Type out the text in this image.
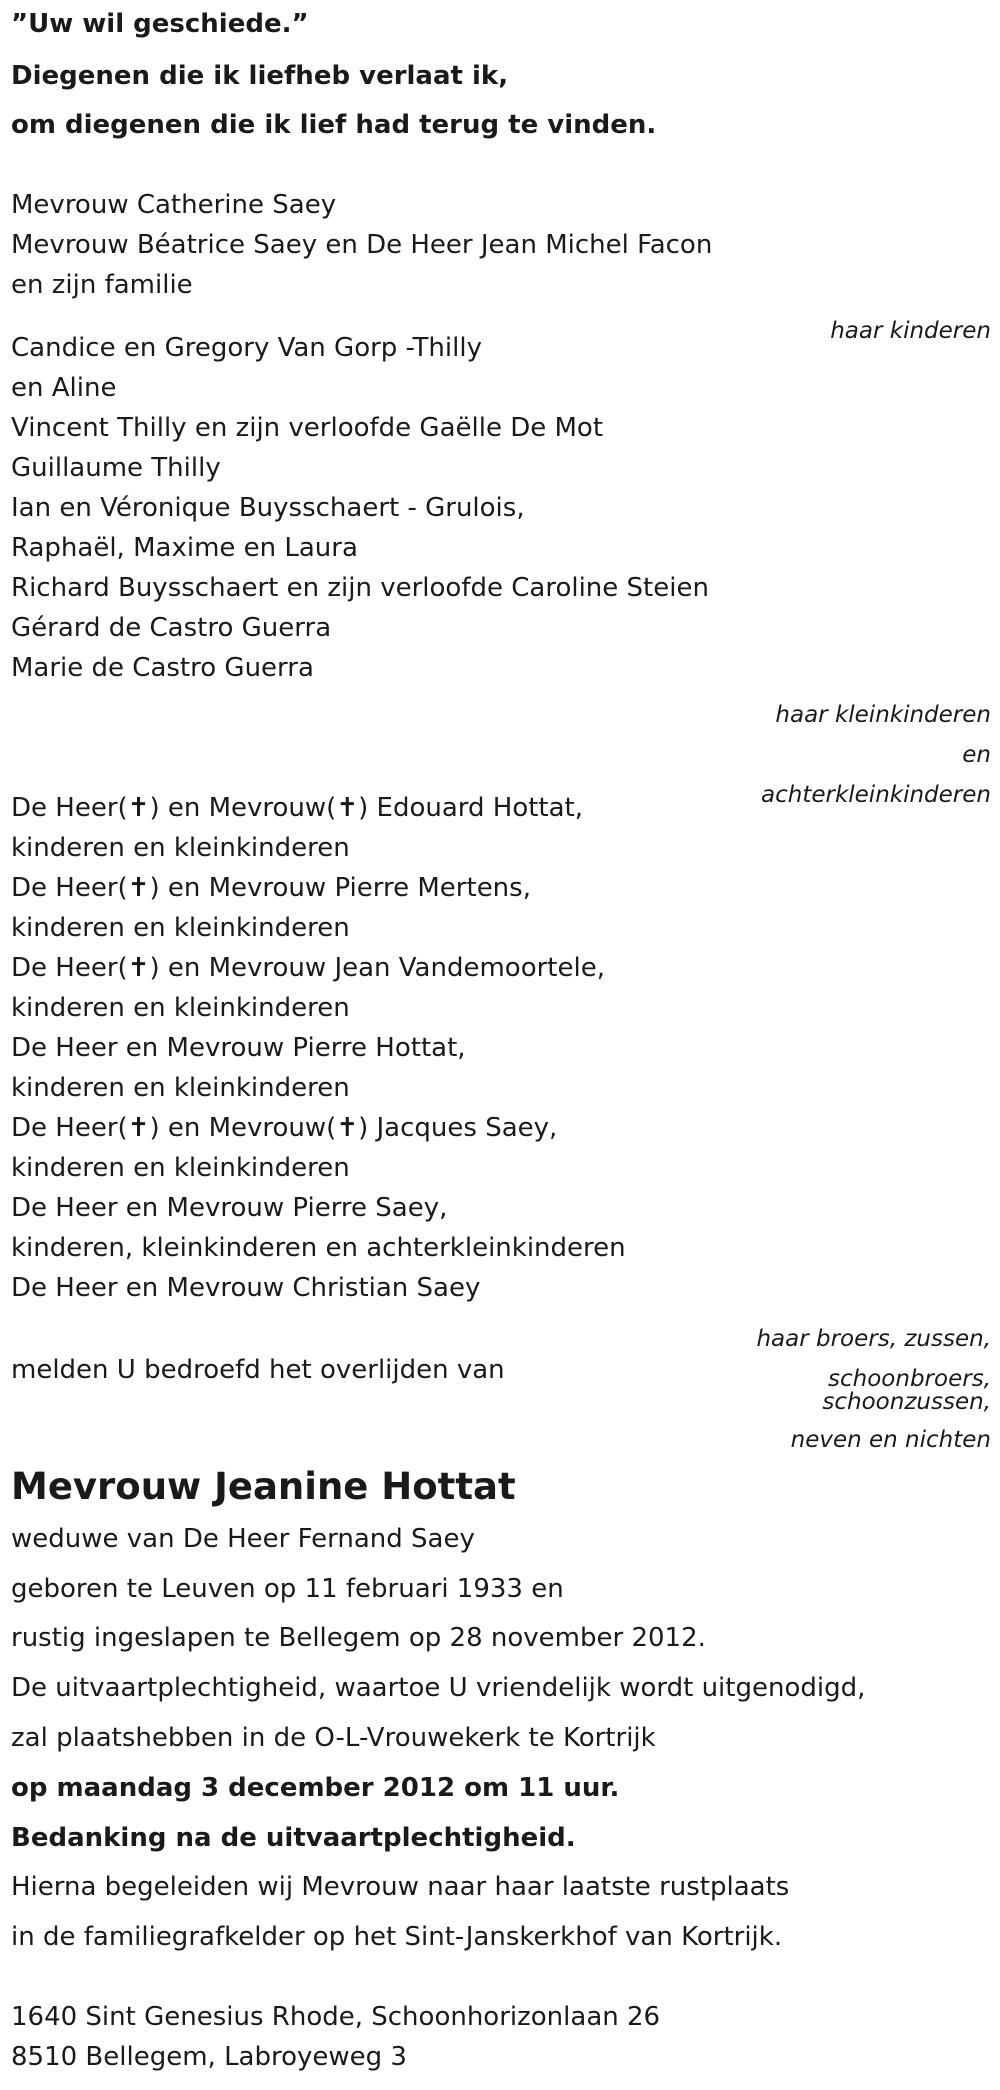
”Uw wil geschiede.”

Diegenen die ik liefheb verlaat ik,

om diegenen die ik lief had terug te vinden.

Mevrouw Catherine Saey

Mevrouw Béatrice Saey en De Heer Jean Michel Facon

en zijn familie

haar kinderen

Candice en Gregory Van Gorp -Thilly

en Aline

Vincent Thilly en zijn verloofde Gaëlle De Mot

Guillaume Thilly

Ian en Véronique Buysschaert - Grulois,

Raphaël, Maxime en Laura

Richard Buysschaert en zijn verloofde Caroline Steien

Gérard de Castro Guerra

Marie de Castro Guerra

haar kleinkinderen

en

achterkleinkinderen

De Heer(✝) en Mevrouw(✝) Edouard Hottat,

kinderen en kleinkinderen

De Heer(✝) en Mevrouw Pierre Mertens,

kinderen en kleinkinderen

De Heer(✝) en Mevrouw Jean Vandemoortele,

kinderen en kleinkinderen

De Heer en Mevrouw Pierre Hottat,

kinderen en kleinkinderen

De Heer(✝) en Mevrouw(✝) Jacques Saey,

kinderen en kleinkinderen

De Heer en Mevrouw Pierre Saey,

kinderen, kleinkinderen en achterkleinkinderen

De Heer en Mevrouw Christian Saey

haar broers, zussen,

schoonbroers,

schoonzussen,

neven en nichten

melden U bedroefd het overlijden van

Mevrouw Jeanine Hottat

weduwe van De Heer Fernand Saey

geboren te Leuven op 11 februari 1933 en

rustig ingeslapen te Bellegem op 28 november 2012.

De uitvaartplechtigheid, waartoe U vriendelijk wordt uitgenodigd,

zal plaatshebben in de O-L-Vrouwekerk te Kortrijk

op maandag 3 december 2012 om 11 uur.

Bedanking na de uitvaartplechtigheid.

Hierna begeleiden wij Mevrouw naar haar laatste rustplaats

in de familiegrafkelder op het Sint-Janskerkhof van Kortrijk.

1640 Sint Genesius Rhode, Schoonhorizonlaan 26

8510 Bellegem, Labroyeweg 3
